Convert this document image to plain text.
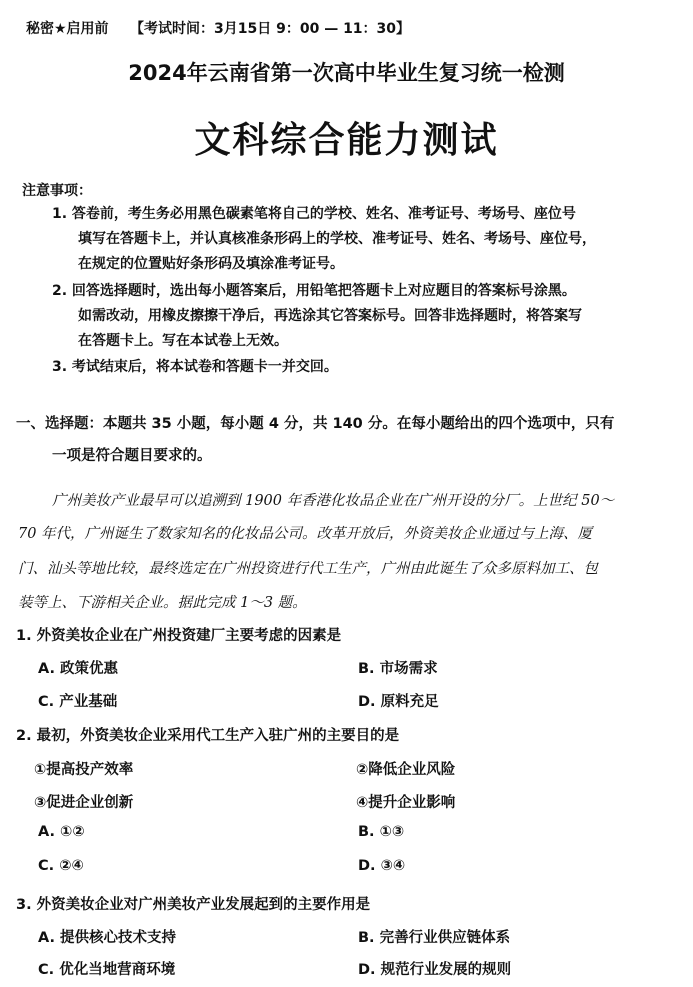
秘密★启用前 【考试时间：3月15日 9：00 — 11：30】
2024年云南省第一次高中毕业生复习统一检测
文科综合能力测试
注意事项：
1. 答卷前，考生务必用黑色碳素笔将自己的学校、姓名、准考证号、考场号、座位号
填写在答题卡上，并认真核准条形码上的学校、准考证号、姓名、考场号、座位号，
在规定的位置贴好条形码及填涂准考证号。
2. 回答选择题时，选出每小题答案后，用铅笔把答题卡上对应题目的答案标号涂黑。
如需改动，用橡皮擦擦干净后，再选涂其它答案标号。回答非选择题时，将答案写
在答题卡上。写在本试卷上无效。
3. 考试结束后，将本试卷和答题卡一并交回。
一、选择题：本题共 35 小题，每小题 4 分，共 140 分。在每小题给出的四个选项中，只有
一项是符合题目要求的。
广州美妆产业最早可以追溯到 1900 年香港化妆品企业在广州开设的分厂。上世纪 50～
70 年代，广州诞生了数家知名的化妆品公司。改革开放后，外资美妆企业通过与上海、厦
门、汕头等地比较，最终选定在广州投资进行代工生产，广州由此诞生了众多原料加工、包
装等上、下游相关企业。据此完成 1～3 题。
1. 外资美妆企业在广州投资建厂主要考虑的因素是
A. 政策优惠	B. 市场需求
C. 产业基础	D. 原料充足
2. 最初，外资美妆企业采用代工生产入驻广州的主要目的是
①提高投产效率	②降低企业风险
③促进企业创新	④提升企业影响
A. ①②	B. ①③
C. ②④	D. ③④
3. 外资美妆企业对广州美妆产业发展起到的主要作用是
A. 提供核心技术支持	B. 完善行业供应链体系
C. 优化当地营商环境	D. 规范行业发展的规则
